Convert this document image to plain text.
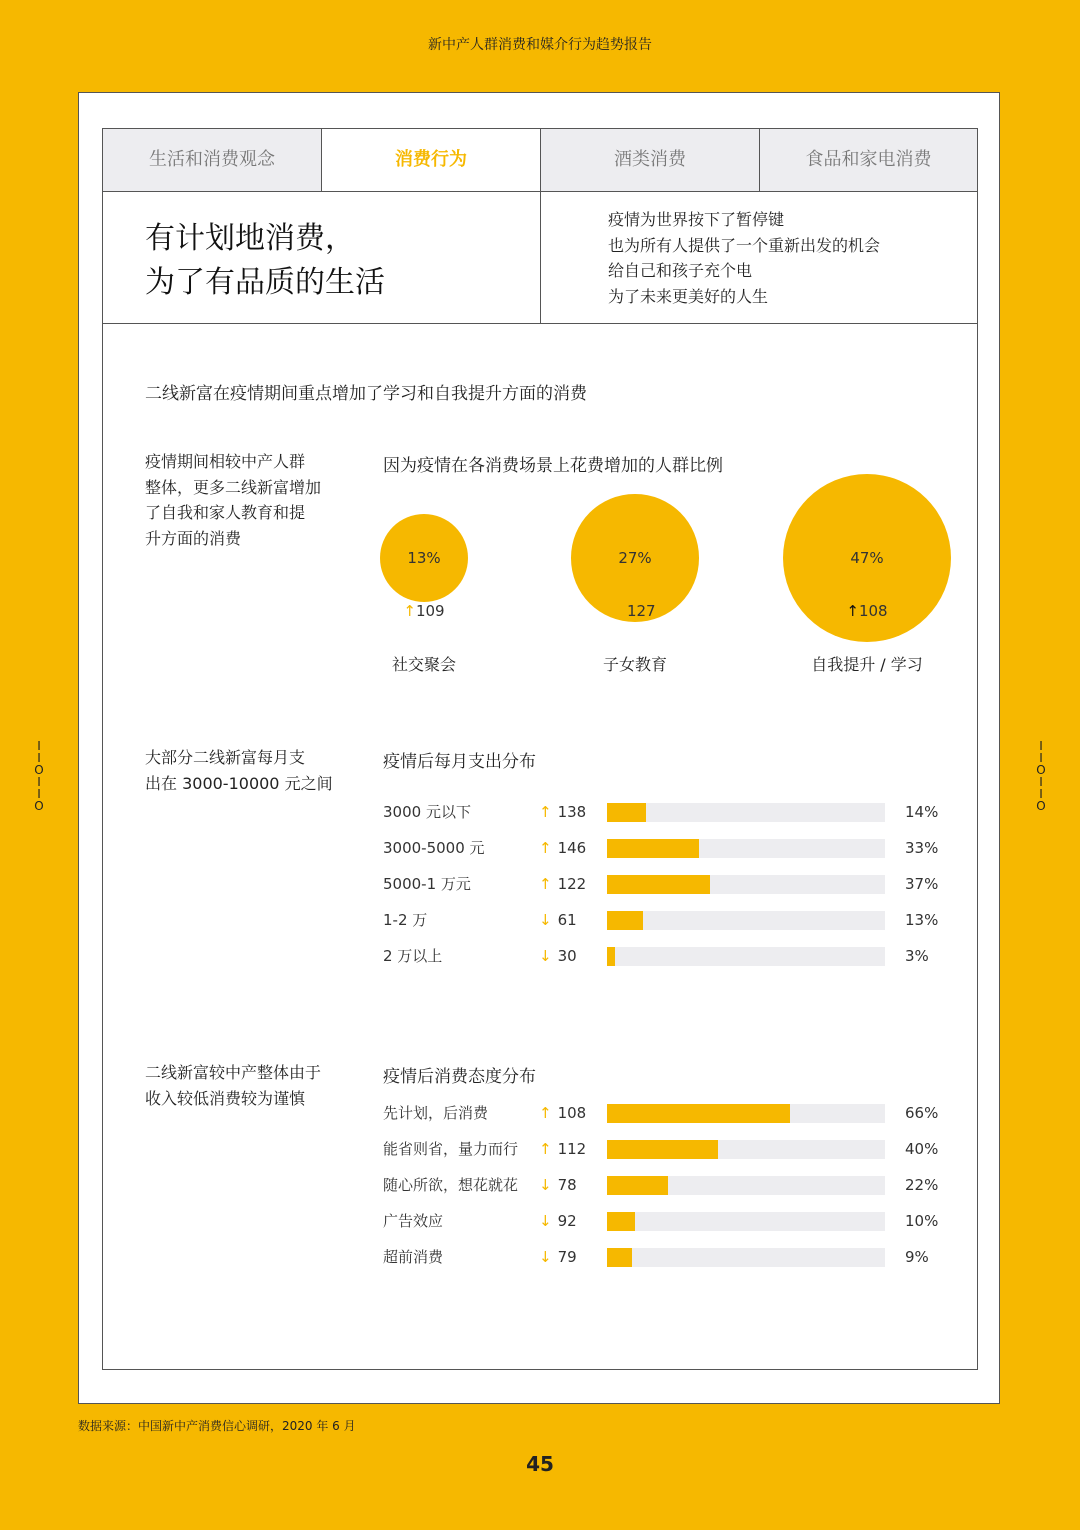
新中产人群消费和媒介行为趋势报告
I
I
O
I
I
O
I
I
O
I
I
O
生活和消费观念	消费行为	酒类消费	食品和家电消费
有计划地消费，
为了有品质的生活
疫情为世界按下了暂停键
也为所有人提供了一个重新出发的机会
给自己和孩子充个电
为了未来更美好的人生
二线新富在疫情期间重点增加了学习和自我提升方面的消费
疫情期间相较中产人群
整体，更多二线新富增加
了自我和家人教育和提
升方面的消费
因为疫情在各消费场景上花费增加的人群比例
13%
↑109
社交聚会
27%
↑127
子女教育
47%
↑108
自我提升 / 学习
大部分二线新富每月支
出在 3000-10000 元之间
疫情后每月支出分布
3000 元以下	↑ 138	14%
3000-5000 元	↑ 146	33%
5000-1 万元	↑ 122	37%
1-2 万	↓ 61	13%
2 万以上	↓ 30	3%
二线新富较中产整体由于
收入较低消费较为谨慎
疫情后消费态度分布
先计划，后消费	↑ 108	66%
能省则省，量力而行 ↑ 112	40%
随心所欲，想花就花 ↓ 78	22%
广告效应	↓ 92	10%
超前消费	↓ 79	9%
数据来源：中国新中产消费信心调研，2020 年 6 月
45
